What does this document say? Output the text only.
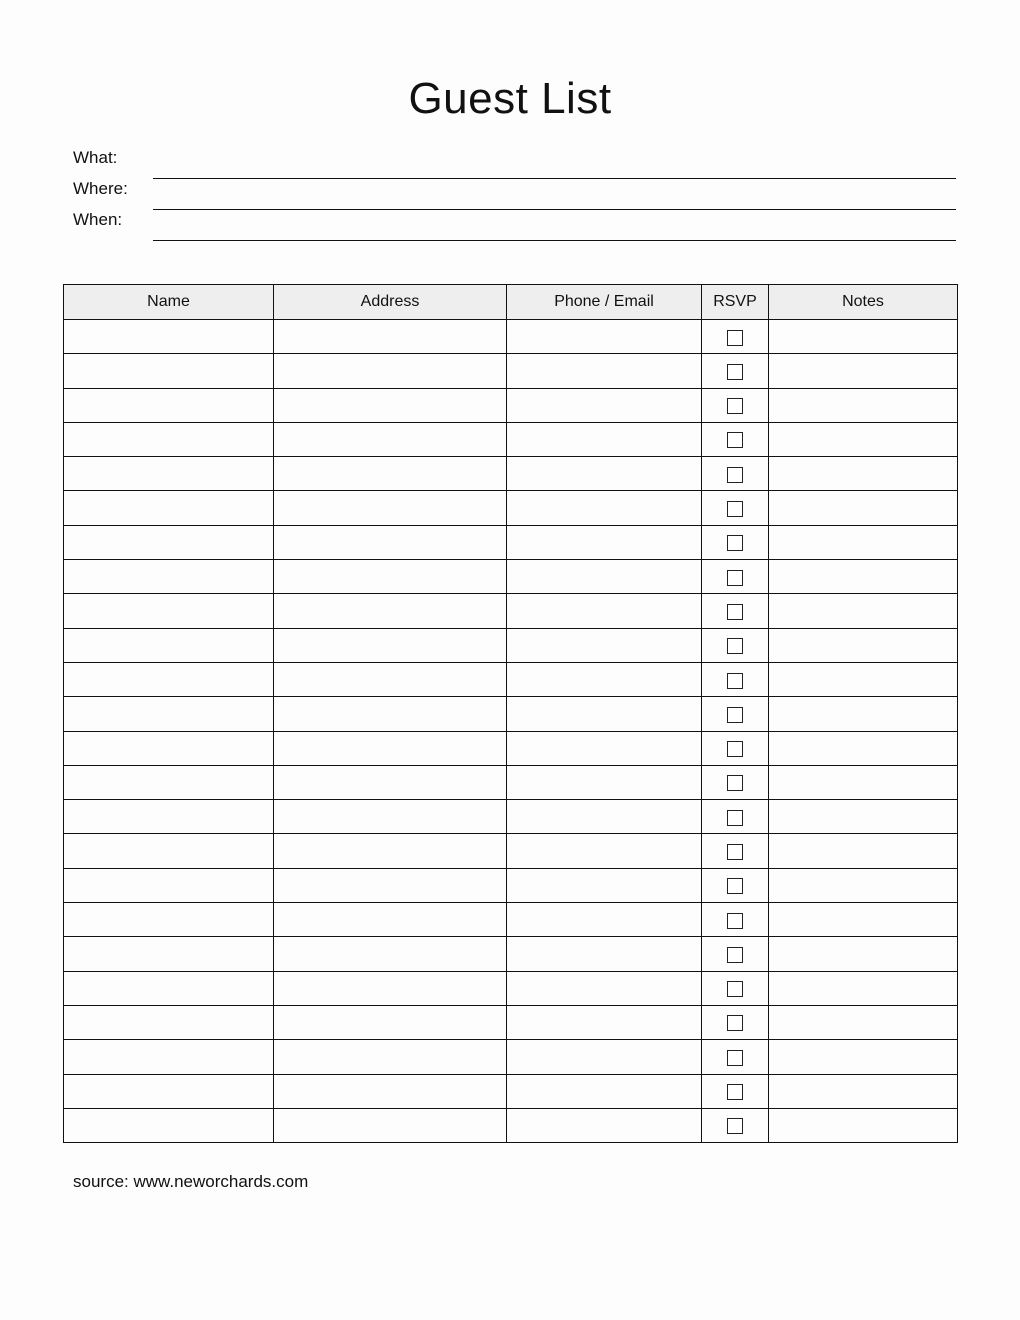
Guest List
What:
Where:
When:
Name	Address	Phone / Email	RSVP	Notes

source: www.neworchards.com
